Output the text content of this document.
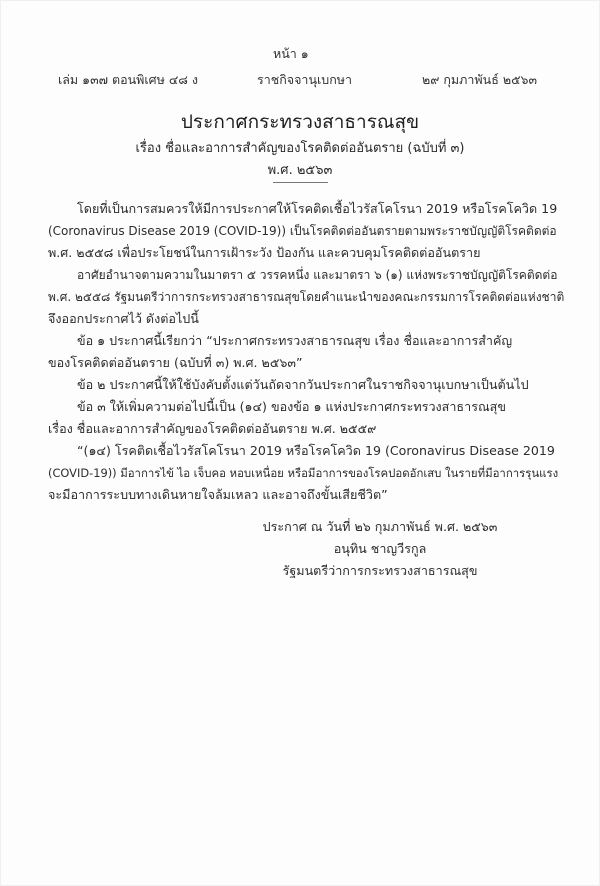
หน้า ๑
เล่ม ๑๓๗ ตอนพิเศษ ๔๘ ง	ราชกิจจานุเบกษา	๒๙ กุมภาพันธ์ ๒๕๖๓
ประกาศกระทรวงสาธารณสุข
เรื่อง ชื่อและอาการสำคัญของโรคติดต่ออันตราย (ฉบับที่ ๓)
พ.ศ. ๒๕๖๓
โดยที่เป็นการสมควรให้มีการประกาศให้โรคติดเชื้อไวรัสโคโรนา 2019 หรือโรคโควิด 19
(Coronavirus Disease 2019 (COVID-19)) เป็นโรคติดต่ออันตรายตามพระราชบัญญัติโรคติดต่อ
พ.ศ. ๒๕๕๘ เพื่อประโยชน์ในการเฝ้าระวัง ป้องกัน และควบคุมโรคติดต่ออันตราย
อาศัยอำนาจตามความในมาตรา ๕ วรรคหนึ่ง และมาตรา ๖ (๑) แห่งพระราชบัญญัติโรคติดต่อ
พ.ศ. ๒๕๕๘ รัฐมนตรีว่าการกระทรวงสาธารณสุขโดยคำแนะนำของคณะกรรมการโรคติดต่อแห่งชาติ
จึงออกประกาศไว้ ดังต่อไปนี้
ข้อ ๑ ประกาศนี้เรียกว่า “ประกาศกระทรวงสาธารณสุข เรื่อง ชื่อและอาการสำคัญ
ของโรคติดต่ออันตราย (ฉบับที่ ๓) พ.ศ. ๒๕๖๓”
ข้อ ๒ ประกาศนี้ให้ใช้บังคับตั้งแต่วันถัดจากวันประกาศในราชกิจจานุเบกษาเป็นต้นไป
ข้อ ๓ ให้เพิ่มความต่อไปนี้เป็น (๑๔) ของข้อ ๑ แห่งประกาศกระทรวงสาธารณสุข
เรื่อง ชื่อและอาการสำคัญของโรคติดต่ออันตราย พ.ศ. ๒๕๕๙
“(๑๔) โรคติดเชื้อไวรัสโคโรนา 2019 หรือโรคโควิด 19 (Coronavirus Disease 2019
(COVID-19)) มีอาการไข้ ไอ เจ็บคอ หอบเหนื่อย หรือมีอาการของโรคปอดอักเสบ ในรายที่มีอาการรุนแรง
จะมีอาการระบบทางเดินหายใจล้มเหลว และอาจถึงขั้นเสียชีวิต”
ประกาศ ณ วันที่ ๒๖ กุมภาพันธ์ พ.ศ. ๒๕๖๓
อนุทิน ชาญวีรกูล
รัฐมนตรีว่าการกระทรวงสาธารณสุข
